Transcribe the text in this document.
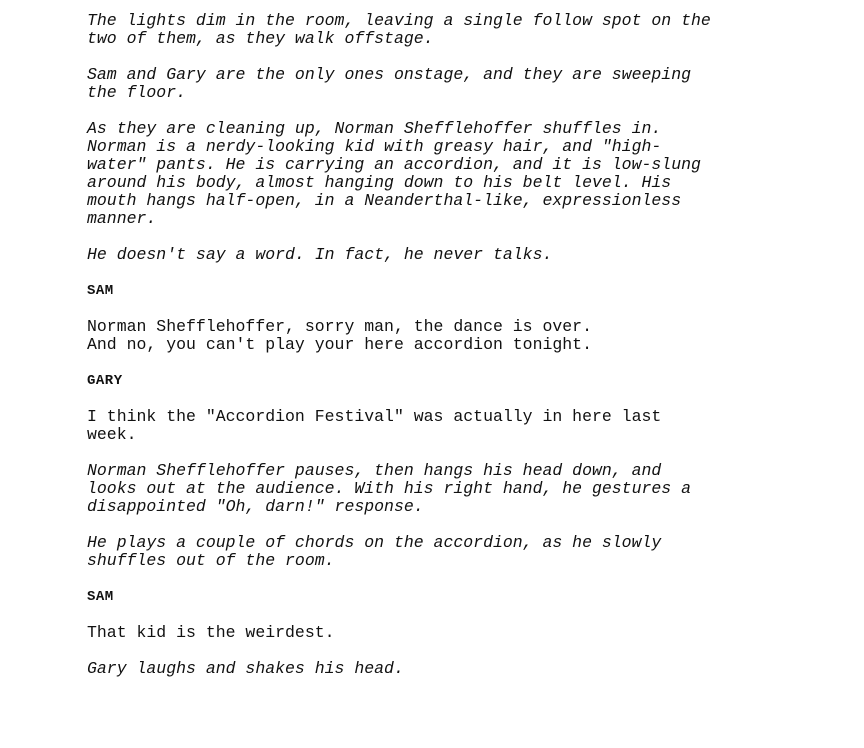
The lights dim in the room, leaving a single follow spot on the
two of them, as they walk offstage.
Sam and Gary are the only ones onstage, and they are sweeping
the floor.
As they are cleaning up, Norman Shefflehoffer shuffles in.
Norman is a nerdy-looking kid with greasy hair, and "high-
water" pants. He is carrying an accordion, and it is low-slung
around his body, almost hanging down to his belt level. His
mouth hangs half-open, in a Neanderthal-like, expressionless
manner.
He doesn't say a word. In fact, he never talks.
SAM
Norman Shefflehoffer, sorry man, the dance is over.
And no, you can't play your here accordion tonight.
GARY
I think the "Accordion Festival" was actually in here last
week.
Norman Shefflehoffer pauses, then hangs his head down, and
looks out at the audience. With his right hand, he gestures a
disappointed "Oh, darn!" response.
He plays a couple of chords on the accordion, as he slowly
shuffles out of the room.
SAM
That kid is the weirdest.
Gary laughs and shakes his head.
